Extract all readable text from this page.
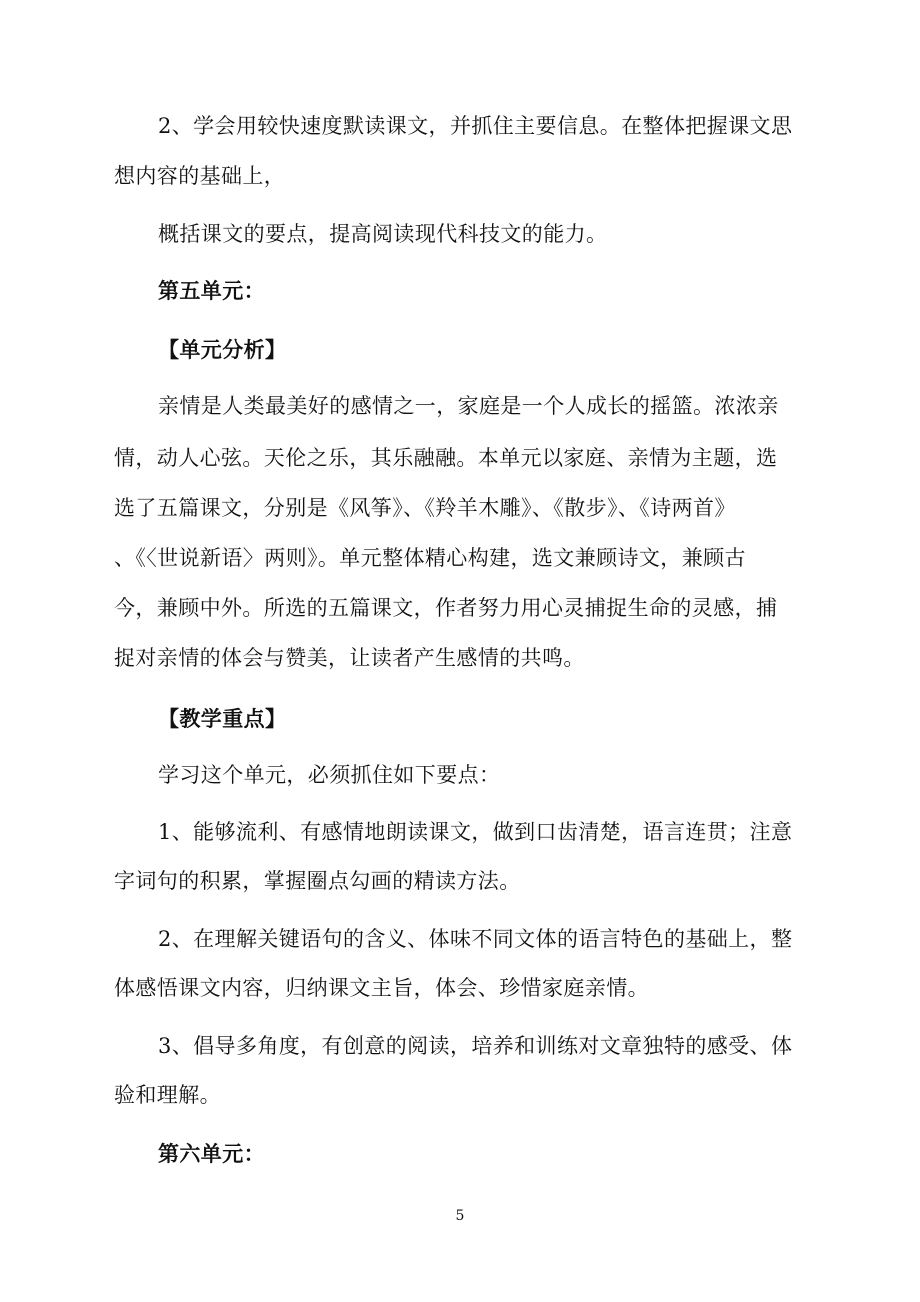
2、学会用较快速度默读课文，并抓住主要信息。在整体把握课文思
想内容的基础上，
概括课文的要点，提高阅读现代科技文的能力。
第五单元：
【单元分析】
亲情是人类最美好的感情之一，家庭是一个人成长的摇篮。浓浓亲
情，动人心弦。天伦之乐，其乐融融。本单元以家庭、亲情为主题，选
选了五篇课文，分别是《风筝》、《羚羊木雕》、《散步》、《诗两首》
、《〈世说新语〉两则》。单元整体精心构建，选文兼顾诗文，兼顾古
今，兼顾中外。所选的五篇课文，作者努力用心灵捕捉生命的灵感，捕
捉对亲情的体会与赞美，让读者产生感情的共鸣。
【教学重点】
学习这个单元，必须抓住如下要点：
1、能够流利、有感情地朗读课文，做到口齿清楚，语言连贯；注意
字词句的积累，掌握圈点勾画的精读方法。
2、在理解关键语句的含义、体味不同文体的语言特色的基础上，整
体感悟课文内容，归纳课文主旨，体会、珍惜家庭亲情。
3、倡导多角度，有创意的阅读，培养和训练对文章独特的感受、体
验和理解。
第六单元：
5
